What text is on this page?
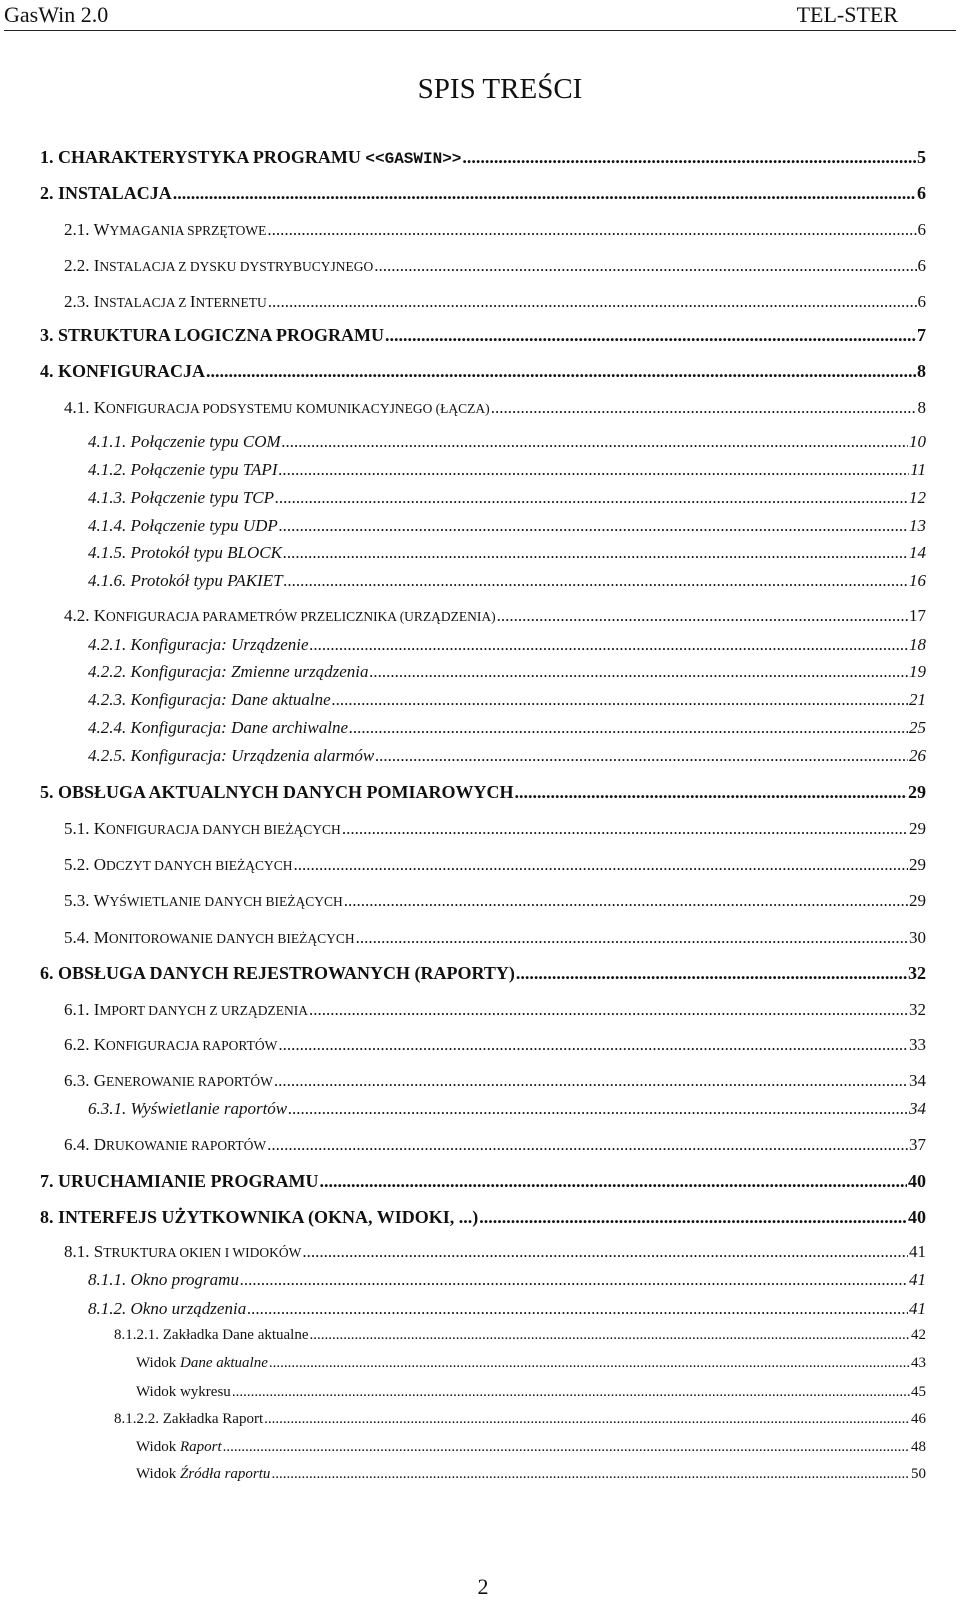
GasWin 2.0	TEL-STER
SPIS TREŚCI
1. CHARAKTERYSTYKA PROGRAMU <<GASWIN>> .....	5
2. INSTALACJA .....	6
2.1. WYMAGANIA SPRZĘTOWE .....	6
2.2. INSTALACJA Z DYSKU DYSTRYBUCYJNEGO .....	6
2.3. INSTALACJA Z INTERNETU .....	6
3. STRUKTURA LOGICZNA PROGRAMU .....	7
4. KONFIGURACJA .....	8
4.1. KONFIGURACJA PODSYSTEMU KOMUNIKACYJNEGO (ŁĄCZA) .....	8
4.1.1. Połączenie typu COM .....	10
4.1.2. Połączenie typu TAPI .....	11
4.1.3. Połączenie typu TCP .....	12
4.1.4. Połączenie typu UDP .....	13
4.1.5. Protokół typu BLOCK .....	14
4.1.6. Protokół typu PAKIET .....	16
4.2. KONFIGURACJA PARAMETRÓW PRZELICZNIKA (URZĄDZENIA) .....	17
4.2.1. Konfiguracja: Urządzenie .....	18
4.2.2. Konfiguracja: Zmienne urządzenia .....	19
4.2.3. Konfiguracja: Dane aktualne .....	21
4.2.4. Konfiguracja: Dane archiwalne .....	25
4.2.5. Konfiguracja: Urządzenia alarmów .....	26
5. OBSŁUGA AKTUALNYCH DANYCH POMIAROWYCH .....	29
5.1. KONFIGURACJA DANYCH BIEŻĄCYCH .....	29
5.2. ODCZYT DANYCH BIEŻĄCYCH .....	29
5.3. WYŚWIETLANIE DANYCH BIEŻĄCYCH .....	29
5.4. MONITOROWANIE DANYCH BIEŻĄCYCH .....	30
6. OBSŁUGA DANYCH REJESTROWANYCH (RAPORTY) .....	32
6.1. IMPORT DANYCH Z URZĄDZENIA .....	32
6.2. KONFIGURACJA RAPORTÓW .....	33
6.3. GENEROWANIE RAPORTÓW .....	34
6.3.1. Wyświetlanie raportów .....	34
6.4. DRUKOWANIE RAPORTÓW .....	37
7. URUCHAMIANIE PROGRAMU .....	40
8. INTERFEJS UŻYTKOWNIKA (OKNA, WIDOKI, ...) .....	40
8.1. STRUKTURA OKIEN I WIDOKÓW .....	41
8.1.1. Okno programu .....	41
8.1.2. Okno urządzenia .....	41
8.1.2.1. Zakładka Dane aktualne .....	42
Widok Dane aktualne .....	43
Widok wykresu .....	45
8.1.2.2. Zakładka Raport .....	46
Widok Raport .....	48
Widok Źródła raportu .....	50
2
